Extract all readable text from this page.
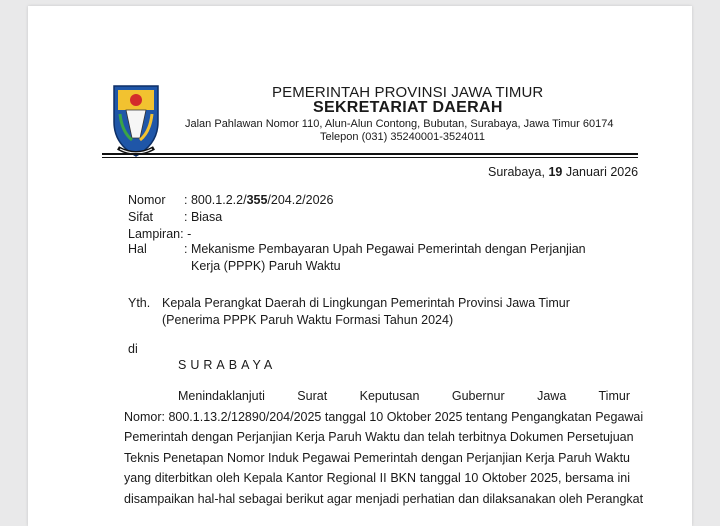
PEMERINTAH PROVINSI JAWA TIMUR
SEKRETARIAT DAERAH
Jalan Pahlawan Nomor 110, Alun-Alun Contong, Bubutan, Surabaya, Jawa Timur 60174
Telepon (031) 35240001-3524011
Surabaya, 19 Januari 2026
Nomor : 800.1.2.2/355/204.2/2026
Sifat : Biasa
Lampiran: -
Hal	: Mekanisme Pembayaran Upah Pegawai Pemerintah dengan Perjanjian
Kerja (PPPK) Paruh Waktu
Yth. Kepala Perangkat Daerah di Lingkungan Pemerintah Provinsi Jawa Timur
(Penerima PPPK Paruh Waktu Formasi Tahun 2024)
di
SURABAYA
Menindaklanjuti Surat Keputusan Gubernur Jawa Timur
Nomor: 800.1.13.2/12890/204/2025 tanggal 10 Oktober 2025 tentang Pengangkatan Pegawai
Pemerintah dengan Perjanjian Kerja Paruh Waktu dan telah terbitnya Dokumen Persetujuan
Teknis Penetapan Nomor Induk Pegawai Pemerintah dengan Perjanjian Kerja Paruh Waktu
yang diterbitkan oleh Kepala Kantor Regional II BKN tanggal 10 Oktober 2025, bersama ini
disampaikan hal-hal sebagai berikut agar menjadi perhatian dan dilaksanakan oleh Perangkat
